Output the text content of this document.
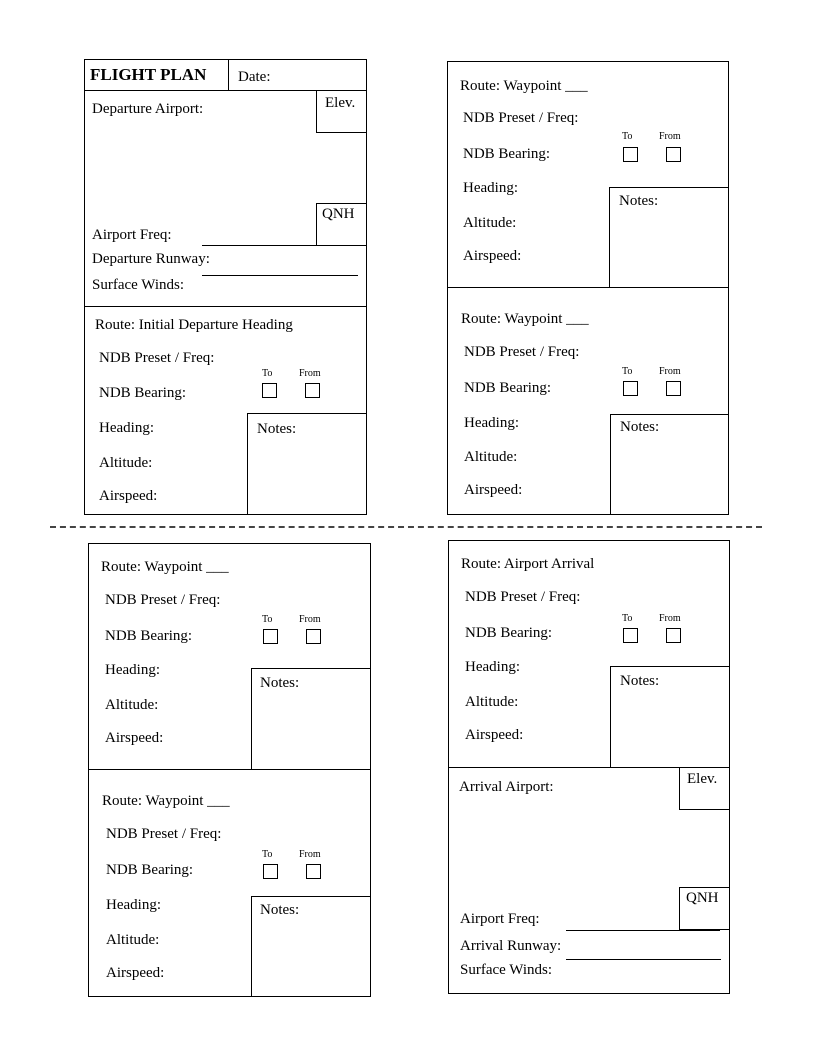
FLIGHT PLAN Date:
Departure Airport:	Elev.
QNH
Airport Freq:
Departure Runway:
Surface Winds:
Route: Initial Departure Heading
NDB Preset / Freq:
To	From
NDB Bearing:
Heading:
Altitude:
Airspeed:
Notes:
Route: Waypoint ___
NDB Preset / Freq:
To	From
NDB Bearing:
Heading:
Altitude:
Airspeed:
Notes:
Route: Waypoint ___
NDB Preset / Freq:
To	From
NDB Bearing:
Heading:
Altitude:
Airspeed:
Notes:
Route: Waypoint ___
NDB Preset / Freq:
To	From
NDB Bearing:
Heading:
Altitude:
Airspeed:
Notes:
Route: Waypoint ___
NDB Preset / Freq:
To	From
NDB Bearing:
Heading:
Altitude:
Airspeed:
Notes:
Route: Airport Arrival
NDB Preset / Freq:
To	From
NDB Bearing:
Heading:
Altitude:
Airspeed:
Notes:
Arrival Airport:	Elev.
QNH
Airport Freq:
Arrival Runway:
Surface Winds:
